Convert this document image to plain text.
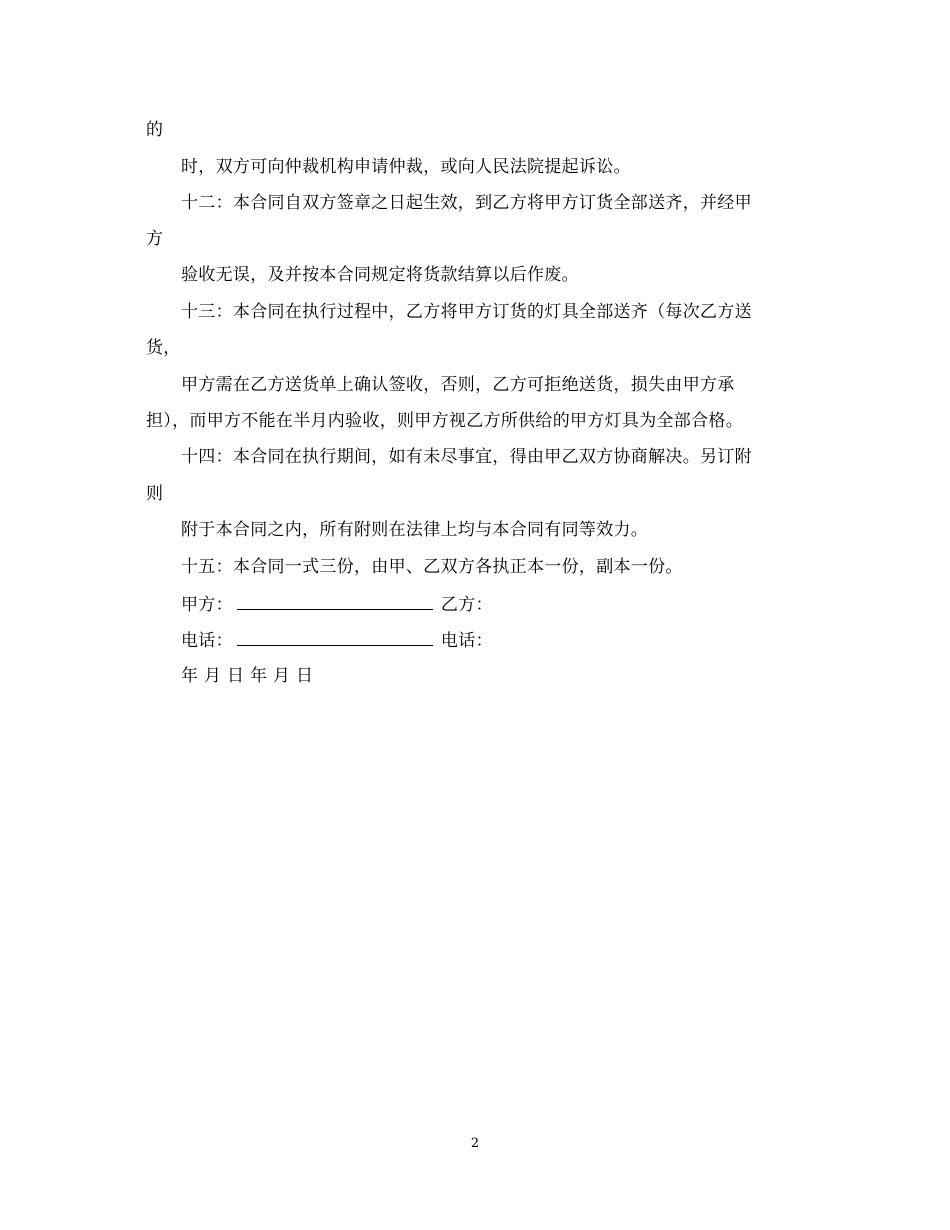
的
时，双方可向仲裁机构申请仲裁，或向人民法院提起诉讼。
十二：本合同自双方签章之日起生效，到乙方将甲方订货全部送齐，并经甲
方
验收无误，及并按本合同规定将货款结算以后作废。
十三：本合同在执行过程中，乙方将甲方订货的灯具全部送齐（每次乙方送
货，
甲方需在乙方送货单上确认签收，否则，乙方可拒绝送货，损失由甲方承
担），而甲方不能在半月内验收，则甲方视乙方所供给的甲方灯具为全部合格。
十四：本合同在执行期间，如有未尽事宜，得由甲乙双方协商解决。另订附
则
附于本合同之内，所有附则在法律上均与本合同有同等效力。
十五：本合同一式三份，由甲、乙双方各执正本一份，副本一份。
甲方：	乙方：
电话：	电话：
年 月 日 年 月 日
2
